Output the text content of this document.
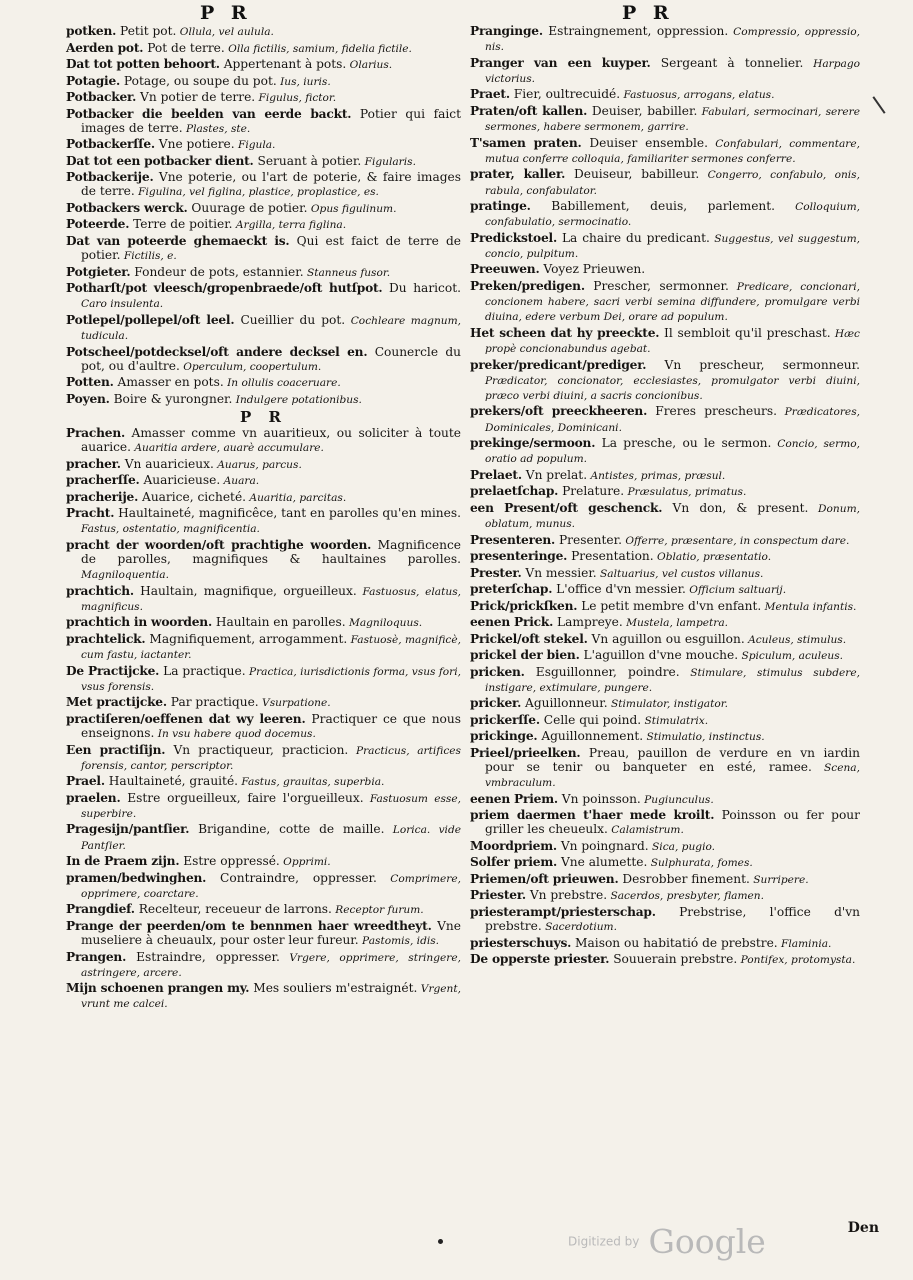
P R	P R
potken. Petit pot. Ollula, vel aulula.
Aerden pot. Pot de terre. Olla fictilis, samium, fidelia fictile.
Dat tot potten behoort. Appertenant à pots. Olarius.
Potagie. Potage, ou soupe du pot. Ius, iuris.
Potbacker. Vn potier de terre. Figulus, fictor.
Potbacker die beelden van eerde backt. Potier qui faict images de terre. Plastes, ste.
Potbackerſſe. Vne potiere. Figula.
Dat tot een potbacker dient. Seruant à potier. Figularis.
Potbackerije. Vne poterie, ou l'art de poterie, & faire images de terre. Figulina, vel figlina, plastice, proplastice, es.
Potbackers werck. Ouurage de potier. Opus figulinum.
Poteerde. Terre de poitier. Argilla, terra figlina.
Dat van poteerde ghemaeckt is. Qui est faict de terre de potier. Fictilis, e.
Potgieter. Fondeur de pots, estannier. Stanneus fusor.
Potharſt/pot vleesch/gropenbraede/oft hutſpot. Du haricot. Caro insulenta.
Potlepel/pollepel/oft leel. Cueillier du pot. Cochleare magnum, tudicula.
Potscheel/potdecksel/oft andere decksel en. Counercle du pot, ou d'aultre. Operculum, coopertulum.
Potten. Amasser en pots. In ollulis coaceruare.
Poyen. Boire & yurongner. Indulgere potationibus.
P R
Prachen. Amasser comme vn auaritieux, ou soliciter à toute auarice. Auaritia ardere, auarè accumulare.
pracher. Vn auaricieux. Auarus, parcus.
pracherſſe. Auaricieuse. Auara.
pracherije. Auarice, cicheté. Auaritia, parcitas.
Pracht. Haultaineté, magnificêce, tant en parolles qu'en mines. Fastus, ostentatio, magnificentia.
pracht der woorden/oft prachtighe woorden. Magnificence de parolles, magnifiques & haultaines parolles. Magniloquentia.
prachtich. Haultain, magnifique, orgueilleux. Fastuosus, elatus, magnificus.
prachtich in woorden. Haultain en parolles. Magniloquus.
prachtelick. Magnifiquement, arrogamment. Fastuosè, magnificè, cum fastu, iactanter.
De Practijcke. La practique. Practica, iurisdictionis forma, vsus fori, vsus forensis.
Met practijcke. Par practique. Vsurpatione.
practiſeren/oeffenen dat wy leeren. Practiquer ce que nous enseignons. In vsu habere quod docemus.
Een practiſijn. Vn practiqueur, practicion. Practicus, artifices forensis, cantor, perscriptor.
Prael. Haultaineté, grauité. Fastus, grauitas, superbia.
praelen. Estre orgueilleux, faire l'orgueilleux. Fastuosum esse, superbire.
Pragesijn/pantſier. Brigandine, cotte de maille. Lorica. vide Pantſier.
In de Praem zijn. Estre oppressé. Opprimi.
pramen/bedwinghen. Contraindre, oppresser. Comprimere, opprimere, coarctare.
Prangdief. Recelteur, receueur de larrons. Receptor furum.
Prange der peerden/om te bennmen haer wreedtheyt. Vne museliere à cheuaulx, pour oster leur fureur. Pastomis, idis.
Prangen. Estraindre, oppresser. Vrgere, opprimere, stringere, astringere, arcere.
Mijn schoenen prangen my. Mes souliers m'estraignét. Vrgent, vrunt me calcei.
Prangi̇nge. Estraingnement, oppression. Compressio, oppressio, nis.
Pranger van een kuyper. Sergeant à tonnelier. Harpago victorius.
Praet. Fier, oultrecuidé. Fastuosus, arrogans, elatus.
Praten/oft kallen. Deuiser, babiller. Fabulari, sermocinari, serere sermones, habere sermonem, garrire.
T'samen praten. Deuiser ensemble. Confabulari, commentare, mutua conferre colloquia, familiariter sermones conferre.
prater, kaller. Deuiseur, babilleur. Congerro, confabulo, onis, rabula, confabulator.
pratinge. Babillement, deuis, parlement. Colloquium, confabulatio, sermocinatio.
Predickstoel. La chaire du predicant. Suggestus, vel suggestum, concio, pulpitum.
Preeuwen. Voyez Prieuwen.
Preken/predigen. Prescher, sermonner. Predicare, concionari, concionem habere, sacri verbi semina diffundere, promulgare verbi diuina, edere verbum Dei, orare ad populum.
Het scheen dat hy preeckte. Il sembloit qu'il preschast. Hæc propè concionabundus agebat.
preker/predicant/prediger. Vn prescheur, sermonneur. Prædicator, concionator, ecclesiastes, promulgator verbi diuini, præco verbi diuini, a sacris concionibus.
prekers/oft preeckheeren. Freres prescheurs. Prædicatores, Dominicales, Dominicani.
prekinge/sermoon. La presche, ou le sermon. Concio, sermo, oratio ad populum.
Prelaet. Vn prelat. Antistes, primas, præsul.
prelaetſchap. Prelature. Præsulatus, primatus.
een Present/oft geschenck. Vn don, & present. Donum, oblatum, munus.
Presenteren. Presenter. Offerre, præsentare, in conspectum dare.
presenteringe. Presentation. Oblatio, præsentatio.
Prester. Vn messier. Saltuarius, vel custos villanus.
preterſchap. L'office d'vn messier. Officium saltuarij.
Prick/prickſken. Le petit membre d'vn enfant. Mentula infantis.
eenen Prick. Lampreye. Mustela, lampetra.
Prickel/oft stekel. Vn aguillon ou esguillon. Aculeus, stimulus.
prickel der bien. L'aguillon d'vne mouche. Spiculum, aculeus.
pricken. Esguillonner, poindre. Stimulare, stimulus subdere, instigare, extimulare, pungere.
pricker. Aguillonneur. Stimulator, instigator.
prickerſſe. Celle qui poind. Stimulatrix.
prickinge. Aguillonnement. Stimulatio, instinctus.
Prieel/prieelken. Preau, pauillon de verdure en vn iardin pour se tenir ou banqueter en esté, ramee. Scena, vmbraculum.
eenen Priem. Vn poinsson. Pugiunculus.
priem daermen t'haer mede kroilt. Poinsson ou fer pour griller les cheueulx. Calamistrum.
Moordpriem. Vn poingnard. Sica, pugio.
Solfer priem. Vne alumette. Sulphurata, fomes.
Priemen/oft prieuwen. Desrobber finement. Surripere.
Priester. Vn prebstre. Sacerdos, presbyter, flamen.
priesterampt/priesterschap. Prebstrise, l'office d'vn prebstre. Sacerdotium.
priesterschuys. Maison ou habitatió de prebstre. Flaminia.
De opperste priester. Souuerain prebstre. Pontifex, protomysta.
Den
Digitized by Google
